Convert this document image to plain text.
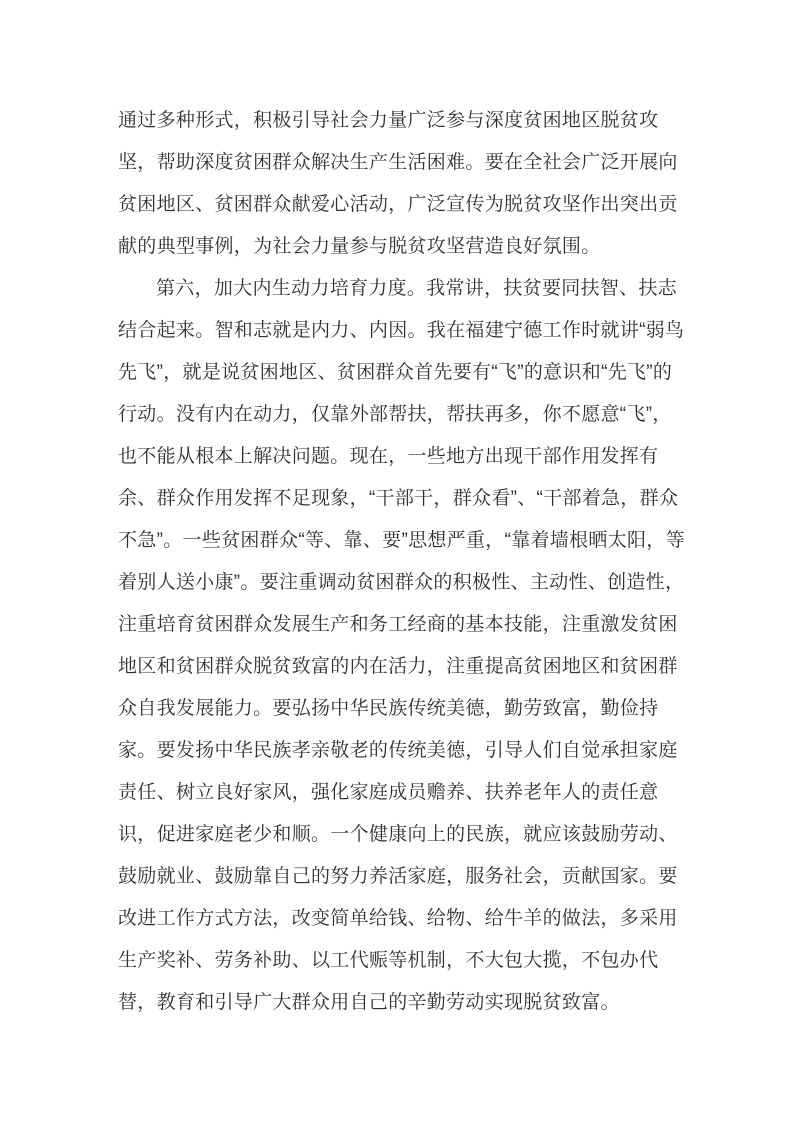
通过多种形式，积极引导社会力量广泛参与深度贫困地区脱贫攻
坚，帮助深度贫困群众解决生产生活困难。要在全社会广泛开展向
贫困地区、贫困群众献爱心活动，广泛宣传为脱贫攻坚作出突出贡
献的典型事例，为社会力量参与脱贫攻坚营造良好氛围。
第六，加大内生动力培育力度。我常讲，扶贫要同扶智、扶志
结合起来。智和志就是内力、内因。我在福建宁德工作时就讲“弱鸟
先飞”，就是说贫困地区、贫困群众首先要有“飞”的意识和“先飞”的
行动。没有内在动力，仅靠外部帮扶，帮扶再多，你不愿意“飞”，
也不能从根本上解决问题。现在，一些地方出现干部作用发挥有
余、群众作用发挥不足现象，“干部干，群众看”、“干部着急，群众
不急”。一些贫困群众“等、靠、要”思想严重，“靠着墙根晒太阳，等
着别人送小康”。要注重调动贫困群众的积极性、主动性、创造性，
注重培育贫困群众发展生产和务工经商的基本技能，注重激发贫困
地区和贫困群众脱贫致富的内在活力，注重提高贫困地区和贫困群
众自我发展能力。要弘扬中华民族传统美德，勤劳致富，勤俭持
家。要发扬中华民族孝亲敬老的传统美德，引导人们自觉承担家庭
责任、树立良好家风，强化家庭成员赡养、扶养老年人的责任意
识，促进家庭老少和顺。一个健康向上的民族，就应该鼓励劳动、
鼓励就业、鼓励靠自己的努力养活家庭，服务社会，贡献国家。要
改进工作方式方法，改变简单给钱、给物、给牛羊的做法，多采用
生产奖补、劳务补助、以工代赈等机制，不大包大揽，不包办代
替，教育和引导广大群众用自己的辛勤劳动实现脱贫致富。
